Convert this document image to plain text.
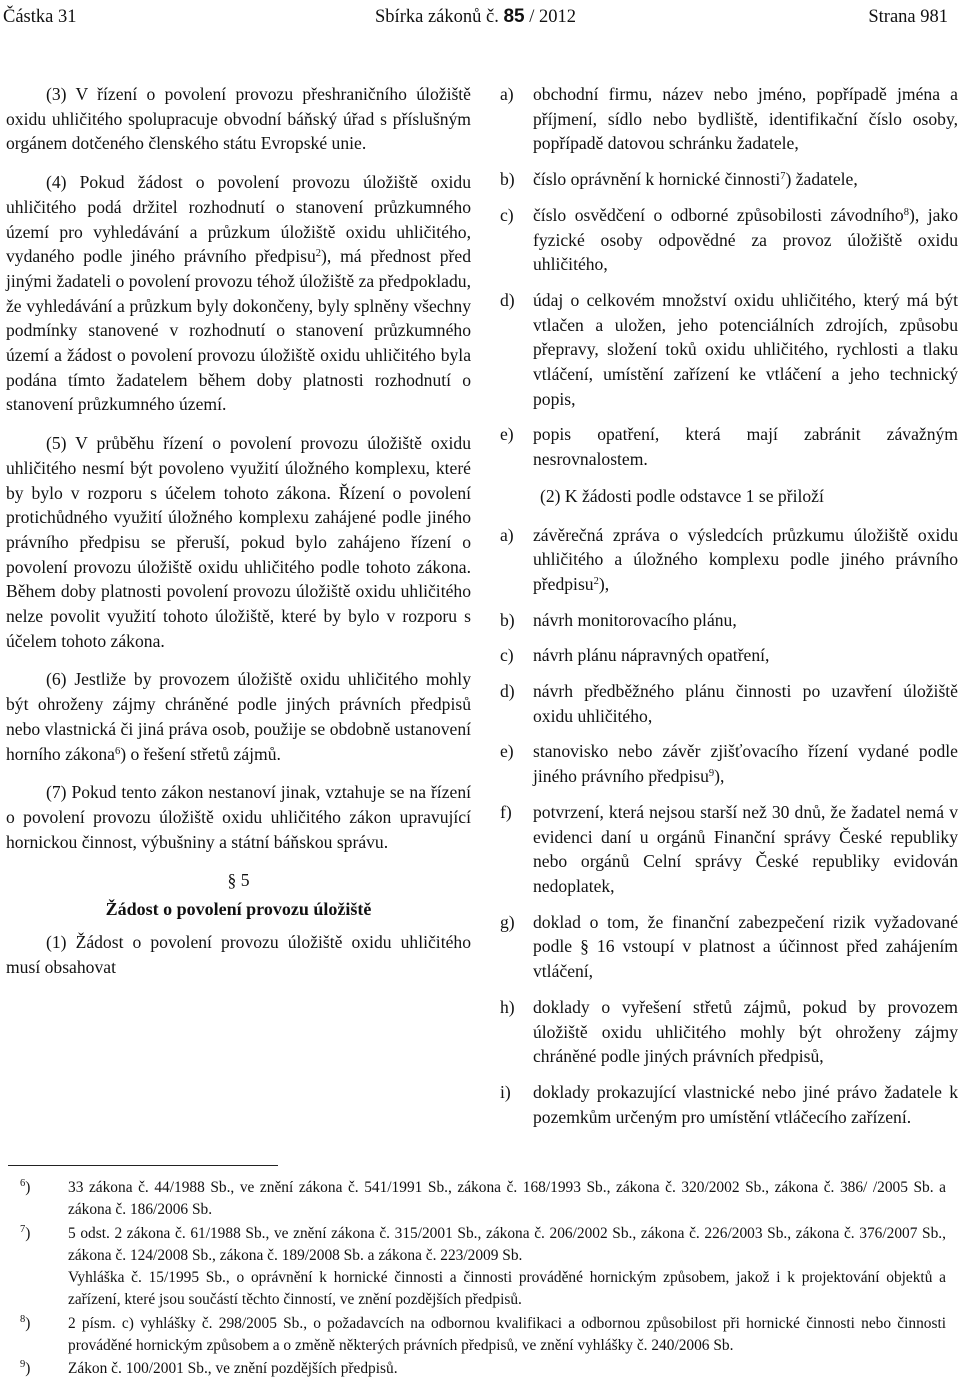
Částka 31	Sbírka zákonů č. 85 / 2012	Strana 981

(3) V řízení o povolení provozu přeshraničního úložiště oxidu uhličitého spolupracuje obvodní báňský úřad s příslušným orgánem dotčeného členského státu Evropské unie.

(4) Pokud žádost o povolení provozu úložiště oxidu uhličitého podá držitel rozhodnutí o stanovení průzkumného území pro vyhledávání a průzkum úložiště oxidu uhličitého, vydaného podle jiného právního předpisu$^2$), má přednost před jinými žadateli o povolení provozu téhož úložiště za předpokladu, že vyhledávání a průzkum byly dokončeny, byly splněny všechny podmínky stanovené v rozhodnutí o stanovení průzkumného území a žádost o povolení provozu úložiště oxidu uhličitého byla podána tímto žadatelem během doby platnosti rozhodnutí o stanovení průzkumného území.

(5) V průběhu řízení o povolení provozu úložiště oxidu uhličitého nesmí být povoleno využití úložného komplexu, které by bylo v rozporu s účelem tohoto zákona. Řízení o povolení protichůdného využití úložného komplexu zahájené podle jiného právního předpisu se přeruší, pokud bylo zahájeno řízení o povolení provozu úložiště oxidu uhličitého podle tohoto zákona. Během doby platnosti povolení provozu úložiště oxidu uhličitého nelze povolit využití tohoto úložiště, které by bylo v rozporu s účelem tohoto zákona.

(6) Jestliže by provozem úložiště oxidu uhličitého mohly být ohroženy zájmy chráněné podle jiných právních předpisů nebo vlastnická či jiná práva osob, použije se obdobně ustanovení horního zákona$^6$) o řešení střetů zájmů.

(7) Pokud tento zákon nestanoví jinak, vztahuje se na řízení o povolení provozu úložiště oxidu uhličitého zákon upravující hornickou činnost, výbušniny a státní báňskou správu.

§ 5

Žádost o povolení provozu úložiště

(1) Žádost o povolení provozu úložiště oxidu uhličitého musí obsahovat

a)	obchodní firmu, název nebo jméno, popřípadě jména a příjmení, sídlo nebo bydliště, identifikační číslo osoby, popřípadě datovou schránku žadatele,
b)	číslo oprávnění k hornické činnosti$^7$) žadatele,
c)	číslo osvědčení o odborné způsobilosti závodního$^8$), jako fyzické osoby odpovědné za provoz úložiště oxidu uhličitého,
d)	údaj o celkovém množství oxidu uhličitého, který má být vtlačen a uložen, jeho potenciálních zdrojích, způsobu přepravy, složení toků oxidu uhličitého, rychlosti a tlaku vtláčení, umístění zařízení ke vtláčení a jeho technický popis,
e)	popis opatření, která mají zabránit závažným nesrovnalostem.

(2) K žádosti podle odstavce 1 se přiloží

a)	závěrečná zpráva o výsledcích průzkumu úložiště oxidu uhličitého a úložného komplexu podle jiného právního předpisu$^2$),
b)	návrh monitorovacího plánu,
c)	návrh plánu nápravných opatření,
d)	návrh předběžného plánu činnosti po uzavření úložiště oxidu uhličitého,
e)	stanovisko nebo závěr zjišťovacího řízení vydané podle jiného právního předpisu$^9$),
f)	potvrzení, která nejsou starší než 30 dnů, že žadatel nemá v evidenci daní u orgánů Finanční správy České republiky nebo orgánů Celní správy České republiky evidován nedoplatek,
g)	doklad o tom, že finanční zabezpečení rizik vyžadované podle § 16 vstoupí v platnost a účinnost před zahájením vtláčení,
h)	doklady o vyřešení střetů zájmů, pokud by provozem úložiště oxidu uhličitého mohly být ohroženy zájmy chráněné podle jiných právních předpisů,
i)	doklady prokazující vlastnické nebo jiné právo žadatele k pozemkům určeným pro umístění vtláčecího zařízení.
$^6$)	33 zákona č. 44/1988 Sb., ve znění zákona č. 541/1991 Sb., zákona č. 168/1993 Sb., zákona č. 320/2002 Sb., zákona č. 386/ /2005 Sb. a zákona č. 186/2006 Sb.
$^7$)	5 odst. 2 zákona č. 61/1988 Sb., ve znění zákona č. 315/2001 Sb., zákona č. 206/2002 Sb., zákona č. 226/2003 Sb., zákona č. 376/2007 Sb., zákona č. 124/2008 Sb., zákona č. 189/2008 Sb. a zákona č. 223/2009 Sb.
Vyhláška č. 15/1995 Sb., o oprávnění k hornické činnosti a činnosti prováděné hornickým způsobem, jakož i k projektování objektů a zařízení, které jsou součástí těchto činností, ve znění pozdějších předpisů.
$^8$)	2 písm. c) vyhlášky č. 298/2005 Sb., o požadavcích na odbornou kvalifikaci a odbornou způsobilost při hornické činnosti nebo činnosti prováděné hornickým způsobem a o změně některých právních předpisů, ve znění vyhlášky č. 240/2006 Sb.
$^9$)	Zákon č. 100/2001 Sb., ve znění pozdějších předpisů.
